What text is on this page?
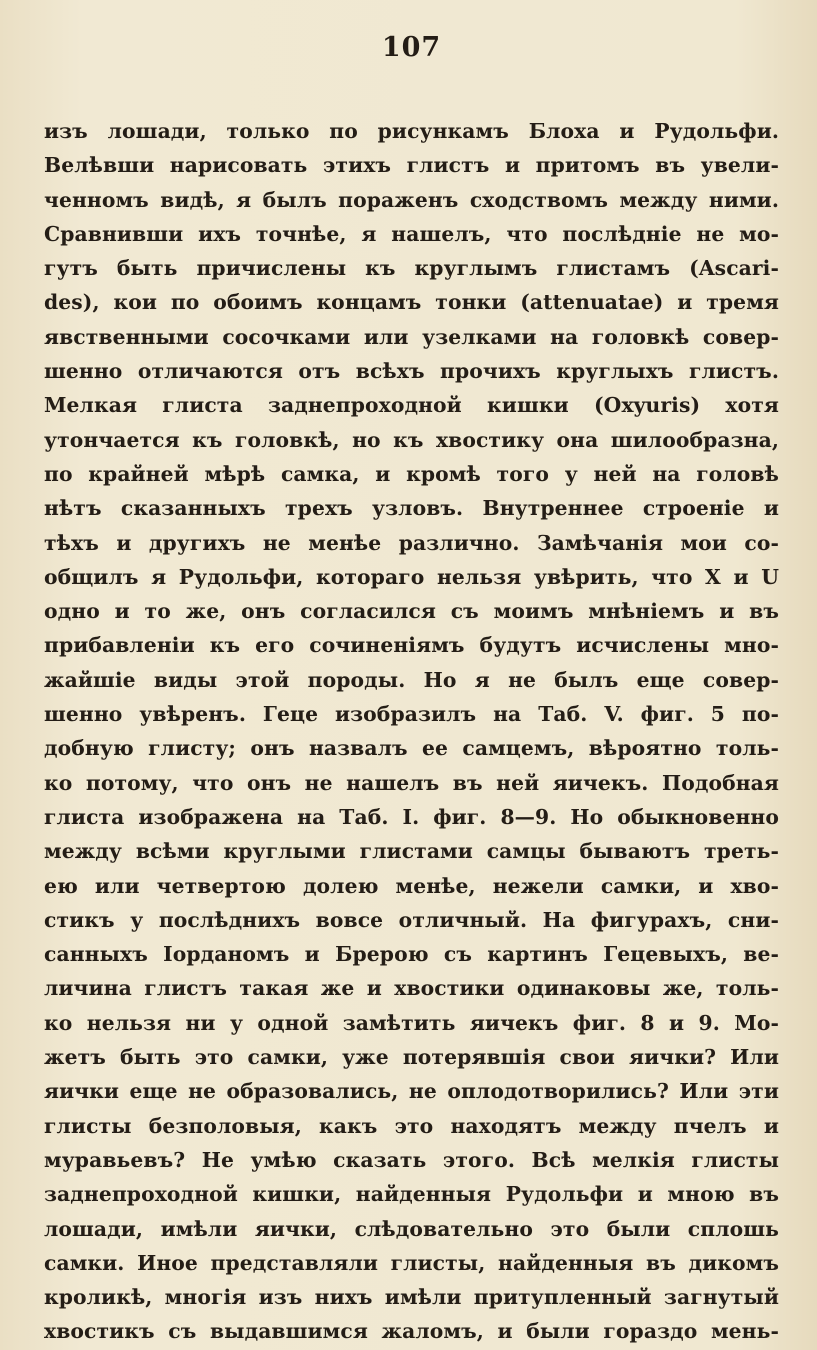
107
изъ лошади, только по рисункамъ Блоха и Рудольфи.
Велѣвши нарисовать этихъ глистъ и притомъ въ увели-
ченномъ видѣ, я былъ пораженъ сходствомъ между ними.
Сравнивши ихъ точнѣе, я нашелъ, что послѣдніе не мо-
гутъ быть причислены къ круглымъ глистамъ (Ascari-
des), кои по обоимъ концамъ тонки (attenuatae) и тремя
явственными сосочками или узелками на головкѣ совер-
шенно отличаются отъ всѣхъ прочихъ круглыхъ глистъ.
Мелкая глиста заднепроходной кишки (Oxyuris) хотя
утончается къ головкѣ, но къ хвостику она шилообразна,
по крайней мѣрѣ самка, и кромѣ того у ней на головѣ
нѣтъ сказанныхъ трехъ узловъ. Внутреннее строеніе и
тѣхъ и другихъ не менѣе различно. Замѣчанія мои со-
общилъ я Рудольфи, котораго нельзя увѣрить, что X и U
одно и то же, онъ согласился съ моимъ мнѣніемъ и въ
прибавленіи къ его сочиненіямъ будутъ исчислены мно-
жайшіе виды этой породы. Но я не былъ еще совер-
шенно увѣренъ. Геце изобразилъ на Таб. V. фиг. 5 по-
добную глисту; онъ назвалъ ее самцемъ, вѣроятно толь-
ко потому, что онъ не нашелъ въ ней яичекъ. Подобная
глиста изображена на Таб. I. фиг. 8—9. Но обыкновенно
между всѣми круглыми глистами самцы бываютъ треть-
ею или четвертою долею менѣе, нежели самки, и хво-
стикъ у послѣднихъ вовсе отличный. На фигурахъ, сни-
санныхъ Іорданомъ и Брерою съ картинъ Гецевыхъ, ве-
личина глистъ такая же и хвостики одинаковы же, толь-
ко нельзя ни у одной замѣтить яичекъ фиг. 8 и 9. Мо-
жетъ быть это самки, уже потерявшія свои яички? Или
яички еще не образовались, не оплодотворились? Или эти
глисты безполовыя, какъ это находятъ между пчелъ и
муравьевъ? Не умѣю сказать этого. Всѣ мелкія глисты
заднепроходной кишки, найденныя Рудольфи и мною въ
лошади, имѣли яички, слѣдовательно это были сплошь
самки. Иное представляли глисты, найденныя въ дикомъ
кроликѣ, многія изъ нихъ имѣли притупленный загнутый
хвостикъ съ выдавшимся жаломъ, и были гораздо мень-
